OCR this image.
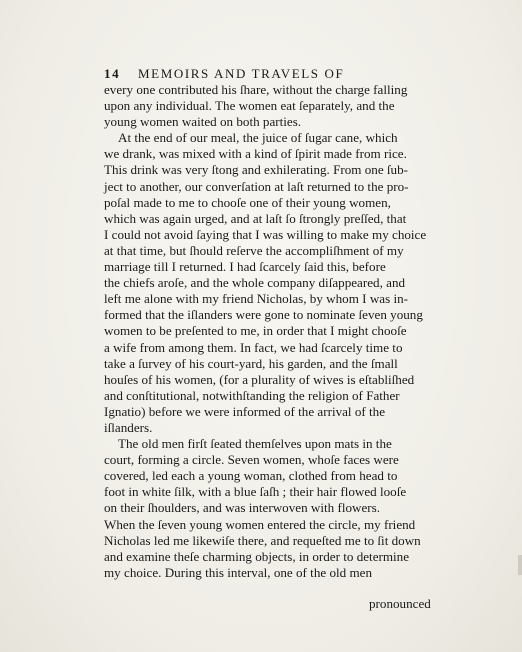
14 MEMOIRS AND TRAVELS OF
every one contributed his ſhare, without the charge falling
upon any individual. The women eat ſeparately, and the
young women waited on both parties.
At the end of our meal, the juice of ſugar cane, which
we drank, was mixed with a kind of ſpirit made from rice.
This drink was very ſtong and exhilerating. From one ſub-
ject to another, our converſation at laſt returned to the pro-
poſal made to me to chooſe one of their young women,
which was again urged, and at laſt ſo ſtrongly preſſed, that
I could not avoid ſaying that I was willing to make my choice
at that time, but ſhould reſerve the accompliſhment of my
marriage till I returned. I had ſcarcely ſaid this, before
the chiefs aroſe, and the whole company diſappeared, and
left me alone with my friend Nicholas, by whom I was in-
formed that the iſlanders were gone to nominate ſeven young
women to be preſented to me, in order that I might chooſe
a wife from among them. In fact, we had ſcarcely time to
take a ſurvey of his court-yard, his garden, and the ſmall
houſes of his women, (for a plurality of wives is eſtabliſhed
and conſtitutional, notwithſtanding the religion of Father
Ignatio) before we were informed of the arrival of the
iſlanders.
The old men firſt ſeated themſelves upon mats in the
court, forming a circle. Seven women, whoſe faces were
covered, led each a young woman, clothed from head to
foot in white ſilk, with a blue ſaſh ; their hair flowed looſe
on their ſhoulders, and was interwoven with flowers.
When the ſeven young women entered the circle, my friend
Nicholas led me likewiſe there, and requeſted me to ſit down
and examine theſe charming objects, in order to determine
my choice. During this interval, one of the old men
pronounced
